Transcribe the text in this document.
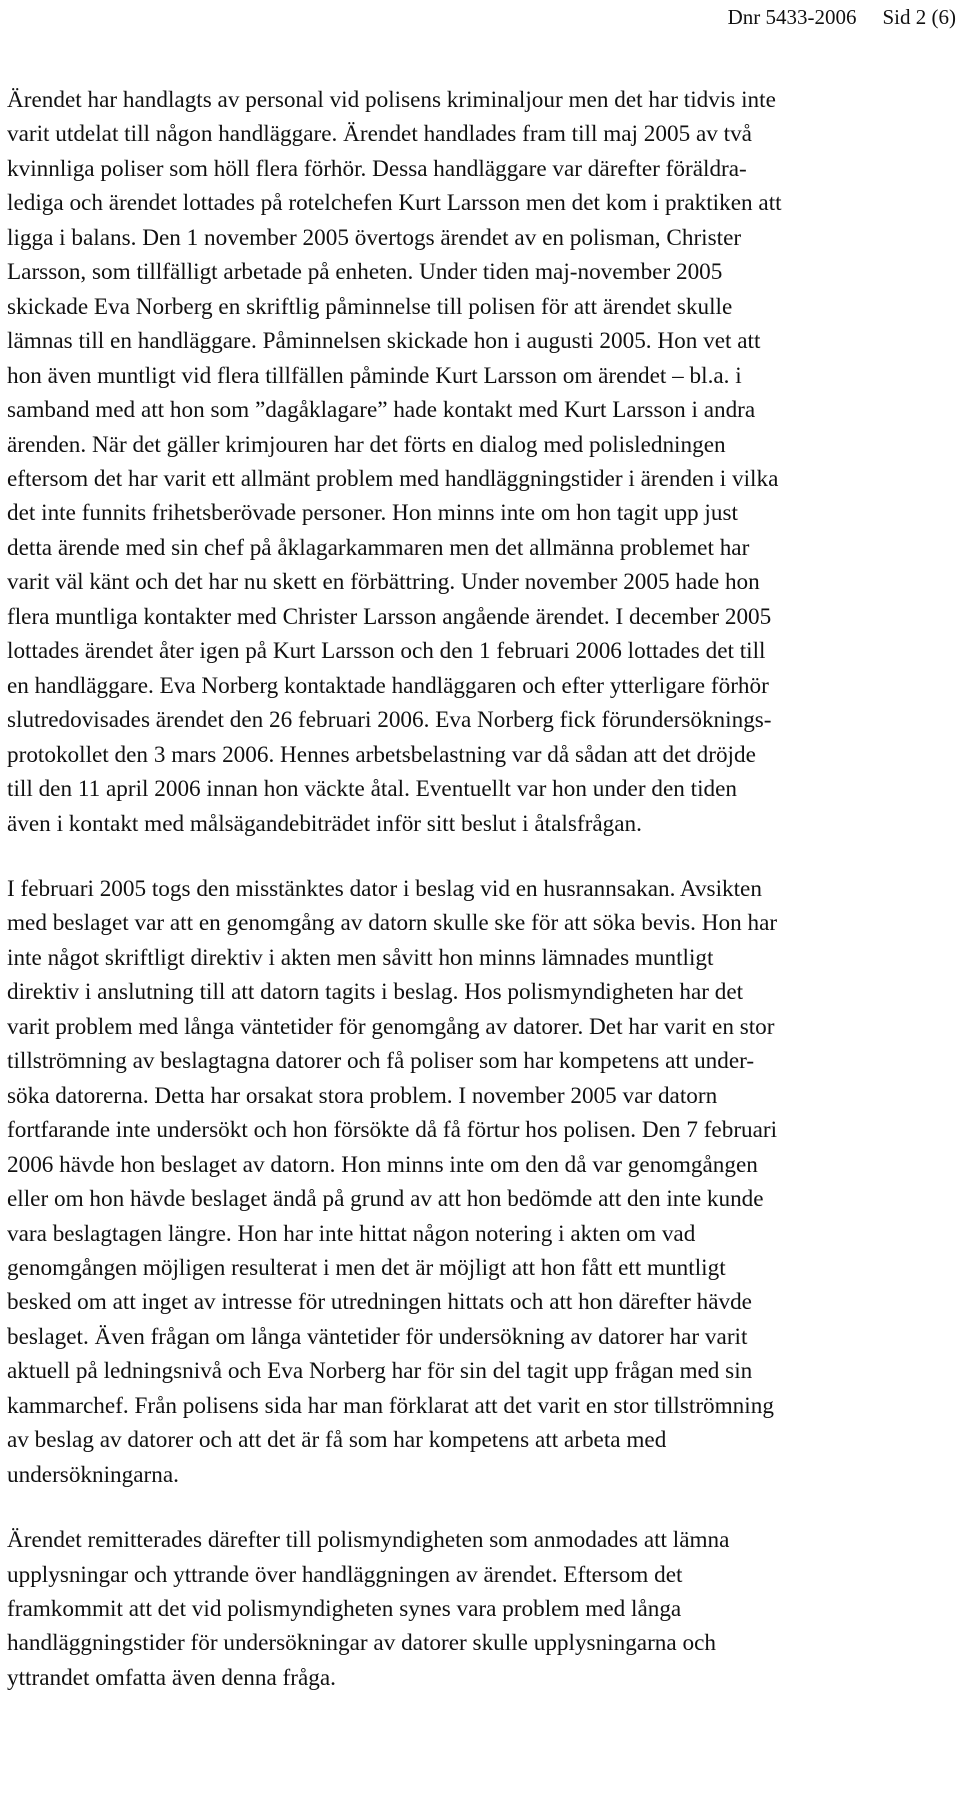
Dnr 5433-2006 Sid 2 (6)
Ärendet har handlagts av personal vid polisens kriminaljour men det har tidvis inte
varit utdelat till någon handläggare. Ärendet handlades fram till maj 2005 av två
kvinnliga poliser som höll flera förhör. Dessa handläggare var därefter föräldra-
lediga och ärendet lottades på rotelchefen Kurt Larsson men det kom i praktiken att
ligga i balans. Den 1 november 2005 övertogs ärendet av en polisman, Christer
Larsson, som tillfälligt arbetade på enheten. Under tiden maj-november 2005
skickade Eva Norberg en skriftlig påminnelse till polisen för att ärendet skulle
lämnas till en handläggare. Påminnelsen skickade hon i augusti 2005. Hon vet att
hon även muntligt vid flera tillfällen påminde Kurt Larsson om ärendet – bl.a. i
samband med att hon som ”dagåklagare” hade kontakt med Kurt Larsson i andra
ärenden. När det gäller krimjouren har det förts en dialog med polisledningen
eftersom det har varit ett allmänt problem med handläggningstider i ärenden i vilka
det inte funnits frihetsberövade personer. Hon minns inte om hon tagit upp just
detta ärende med sin chef på åklagarkammaren men det allmänna problemet har
varit väl känt och det har nu skett en förbättring. Under november 2005 hade hon
flera muntliga kontakter med Christer Larsson angående ärendet. I december 2005
lottades ärendet åter igen på Kurt Larsson och den 1 februari 2006 lottades det till
en handläggare. Eva Norberg kontaktade handläggaren och efter ytterligare förhör
slutredovisades ärendet den 26 februari 2006. Eva Norberg fick förundersöknings-
protokollet den 3 mars 2006. Hennes arbetsbelastning var då sådan att det dröjde
till den 11 april 2006 innan hon väckte åtal. Eventuellt var hon under den tiden
även i kontakt med målsägandebiträdet inför sitt beslut i åtalsfrågan.
I februari 2005 togs den misstänktes dator i beslag vid en husrannsakan. Avsikten
med beslaget var att en genomgång av datorn skulle ske för att söka bevis. Hon har
inte något skriftligt direktiv i akten men såvitt hon minns lämnades muntligt
direktiv i anslutning till att datorn tagits i beslag. Hos polismyndigheten har det
varit problem med långa väntetider för genomgång av datorer. Det har varit en stor
tillströmning av beslagtagna datorer och få poliser som har kompetens att under-
söka datorerna. Detta har orsakat stora problem. I november 2005 var datorn
fortfarande inte undersökt och hon försökte då få förtur hos polisen. Den 7 februari
2006 hävde hon beslaget av datorn. Hon minns inte om den då var genomgången
eller om hon hävde beslaget ändå på grund av att hon bedömde att den inte kunde
vara beslagtagen längre. Hon har inte hittat någon notering i akten om vad
genomgången möjligen resulterat i men det är möjligt att hon fått ett muntligt
besked om att inget av intresse för utredningen hittats och att hon därefter hävde
beslaget. Även frågan om långa väntetider för undersökning av datorer har varit
aktuell på ledningsnivå och Eva Norberg har för sin del tagit upp frågan med sin
kammarchef. Från polisens sida har man förklarat att det varit en stor tillströmning
av beslag av datorer och att det är få som har kompetens att arbeta med
undersökningarna.
Ärendet remitterades därefter till polismyndigheten som anmodades att lämna
upplysningar och yttrande över handläggningen av ärendet. Eftersom det
framkommit att det vid polismyndigheten synes vara problem med långa
handläggningstider för undersökningar av datorer skulle upplysningarna och
yttrandet omfatta även denna fråga.
